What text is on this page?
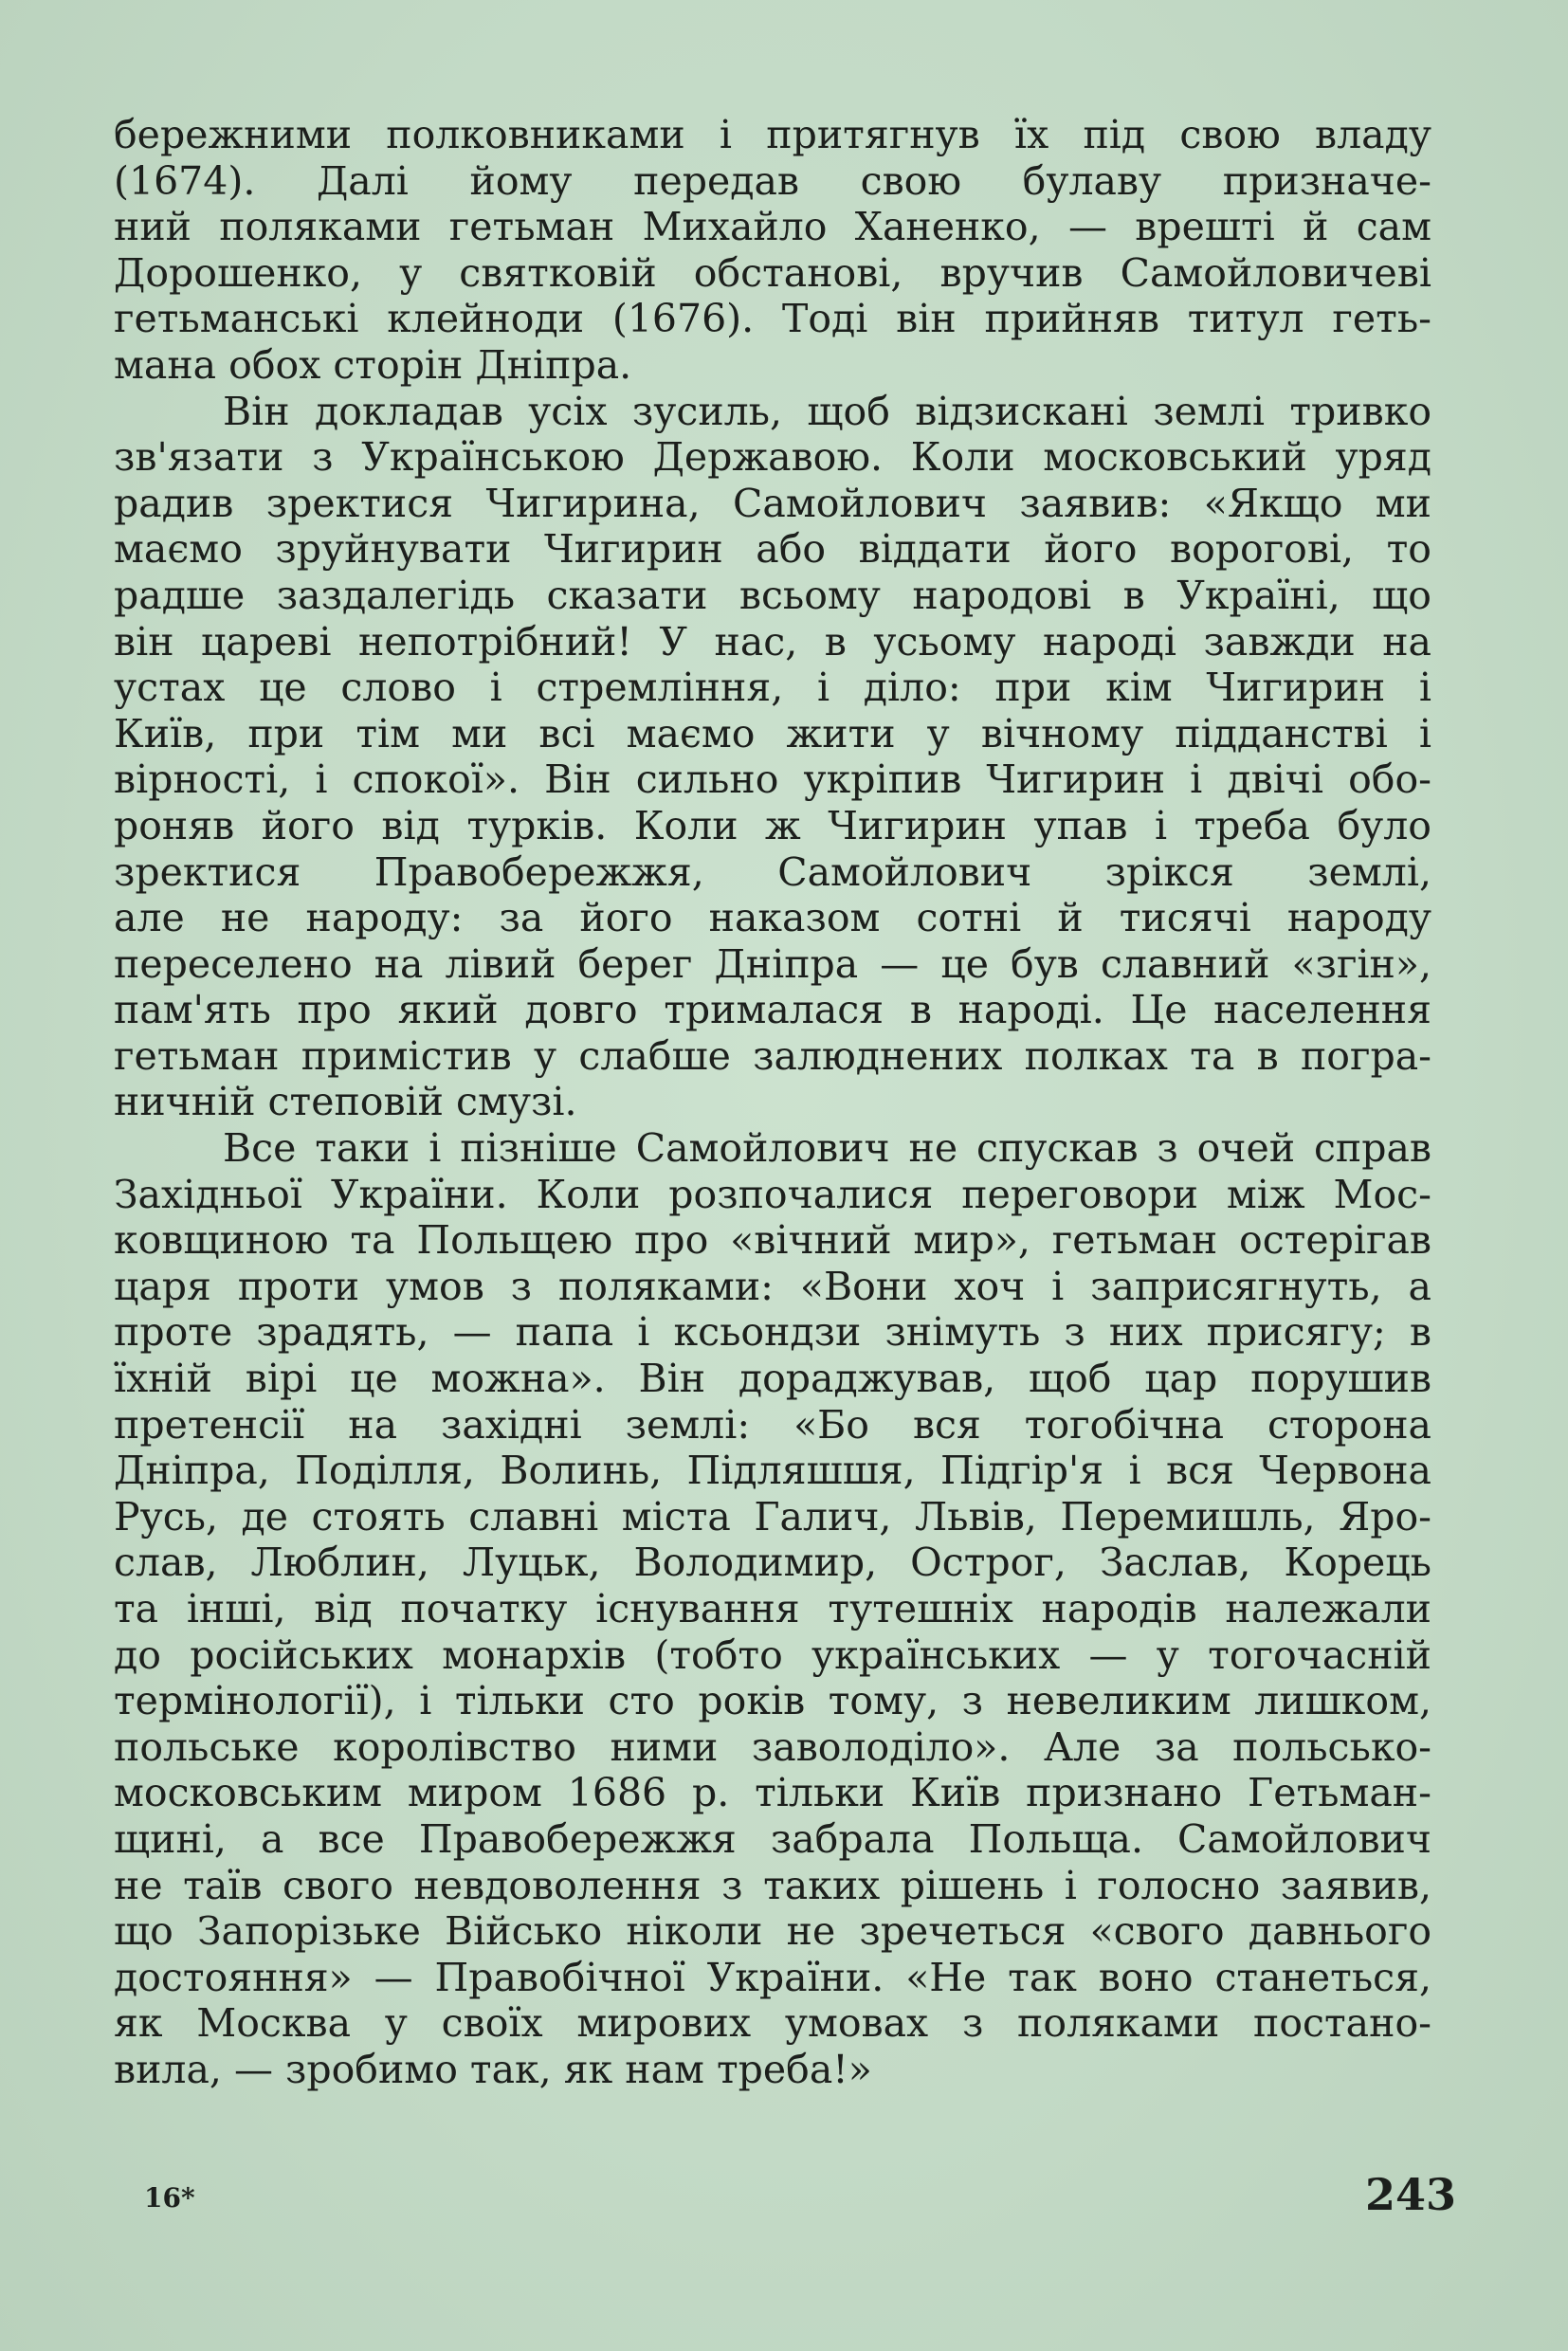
бережними полковниками і притягнув їх під свою владу
(1674). Далі йому передав свою булаву призначе-
ний поляками гетьман Михайло Ханенко, — врешті й сам
Дорошенко, у святковій обстанові, вручив Самойловичеві
гетьманські клейноди (1676). Тоді він прийняв титул геть-
мана обох сторін Дніпра.
Він докладав усіх зусиль, щоб відзискані землі тривко
зв'язати з Українською Державою. Коли московський уряд
радив зректися Чигирина, Самойлович заявив: «Якщо ми
маємо зруйнувати Чигирин або віддати його ворогові, то
радше заздалегідь сказати всьому народові в Україні, що
він цареві непотрібний! У нас, в усьому народі завжди на
устах це слово і стремління, і діло: при кім Чигирин і
Київ, при тім ми всі маємо жити у вічному підданстві і
вірності, і спокої». Він сильно укріпив Чигирин і двічі обо-
роняв його від турків. Коли ж Чигирин упав і треба було
зректися Правобережжя, Самойлович зрікся землі,
але не народу: за його наказом сотні й тисячі народу
переселено на лівий берег Дніпра — це був славний «згін»,
пам'ять про який довго трималася в народі. Це населення
гетьман примістив у слабше залюднених полках та в погра-
ничній степовій смузі.
Все таки і пізніше Самойлович не спускав з очей справ
Західньої України. Коли розпочалися переговори між Мос-
ковщиною та Польщею про «вічний мир», гетьман остерігав
царя проти умов з поляками: «Вони хоч і заприсягнуть, а
проте зрадять, — папа і ксьондзи знімуть з них присягу; в
їхній вірі це можна». Він дораджував, щоб цар порушив
претенсії на західні землі: «Бо вся тогобічна сторона
Дніпра, Поділля, Волинь, Підляшшя, Підгір'я і вся Червона
Русь, де стоять славні міста Галич, Львів, Перемишль, Яро-
слав, Люблин, Луцьк, Володимир, Острог, Заслав, Корець
та інші, від початку існування тутешніх народів належали
до російських монархів (тобто українських — у тогочасній
термінології), і тільки сто років тому, з невеликим лишком,
польське королівство ними заволоділо». Але за польсько-
московським миром 1686 р. тільки Київ признано Гетьман-
щині, а все Правобережжя забрала Польща. Самойлович
не таїв свого невдоволення з таких рішень і голосно заявив,
що Запорізьке Військо ніколи не зречеться «свого давнього
достояння» — Правобічної України. «Не так воно станеться,
як Москва у своїх мирових умовах з поляками постано-
вила, — зробимо так, як нам треба!»
16*	243
